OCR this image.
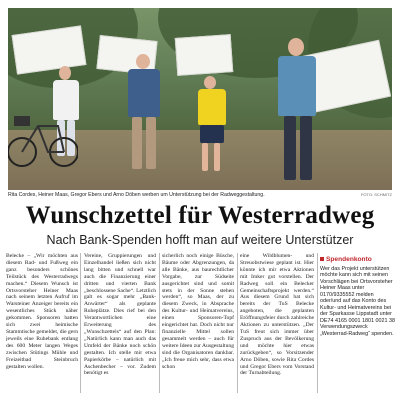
Rita Cordes, Heiner Maas, Gregor Ebers und Arno Döben werben um Unterstützung bei der Radweggestaltung.	FOTO: SCHMITZ
Wunschzettel für Westerradweg
Nach Bank-Spenden hofft man auf weitere Unterstützer

Belecke – „Wir möchten aus diesem Rad- und Fußweg ein ganz besonders schönes Teilstück des Westerradwegs machen.“ Diesem Wunsch ist Ortsvorsteher Heiner Maas nach seinem letzten Aufruf im Warsteiner Anzeiger bereits ein wesentliches Stück näher gekommen. Sponsoren hatten sich zwei heimische Stammtische gemeldet, die gern jeweils eine Ruhebank entlang des 600 Meter langen Weges zwischen Stütings Mühle und Freizeitbad Steinbruch gestalten wollen.

Vereine, Gruppierungen und Einzelhandel ließen sich nicht lang bitten und schnell war auch die Finanzierung einer dritten und vierten Bank „beschlossene Sache“. Letztlich galt es sogar mehr „Bank-Anwärter“ als geplante Ruheplätze. Dies rief bei den Verantwortlichen eine Erweiterung des „Wunschzettels“ auf den Plan: „Natürlich kann man auch das Umfeld der Bänke noch schön gestalten. Ich stelle mir etwa Papierkörbe – natürlich mit Aschenbecher – vor. Zudem benötigt es

sicherlich noch einige Büsche, Bäume oder Abgrenzungen, da alle Bänke, aus baurechtlicher Vorgabe, zur Südseite ausgerichtet sind und somit stets in der Sonne stehen werden“, so Maas, der zu diesem Zweck, in Absprache des Kultur- und Heimatvereins, einen Sponsoren-Topf eingerichtet hat. Doch nicht nur finanzielle Mittel sollen gesammelt werden – auch für weitere Ideen zur Ausgestaltung sind die Organisatoren dankbar. „Ich freue mich sehr, dass etwa schon

eine Wildblumen- und Streuobstwiese geplant ist. Hier könnte ich mir etwa Aktionen mit Imker gut vorstellen. Der Radweg soll ein Belecker Gemeinschaftsprojekt werden.“ Aus diesem Grund hat sich bereits der TuS Belecke angeboten, die geplanten Eröffnungsfeier durch zahlreiche Aktionen zu unterstützen. „Der TuS freut sich immer über Zuspruch aus der Bevölkerung und möchte hier etwas zurückgeben“, so Vorsitzender Arno Döben, sowie Rita Cordes und Gregor Ebers vom Vorstand der Turnabteilung.

Spendenkonto
Wer das Projekt unterstützen möchte kann sich mit seinen Vorschlägen bei Ortsvorsteher Heiner Maas unter 0170/9335552 melden oder/und auf das Konto des Kultur- und Heimatvereins bei der Sparkasse Lippstadt unter DE74 4165 0001 1801 0021 38 Verwendungszweck „Westerrad-Radweg“ spenden.
